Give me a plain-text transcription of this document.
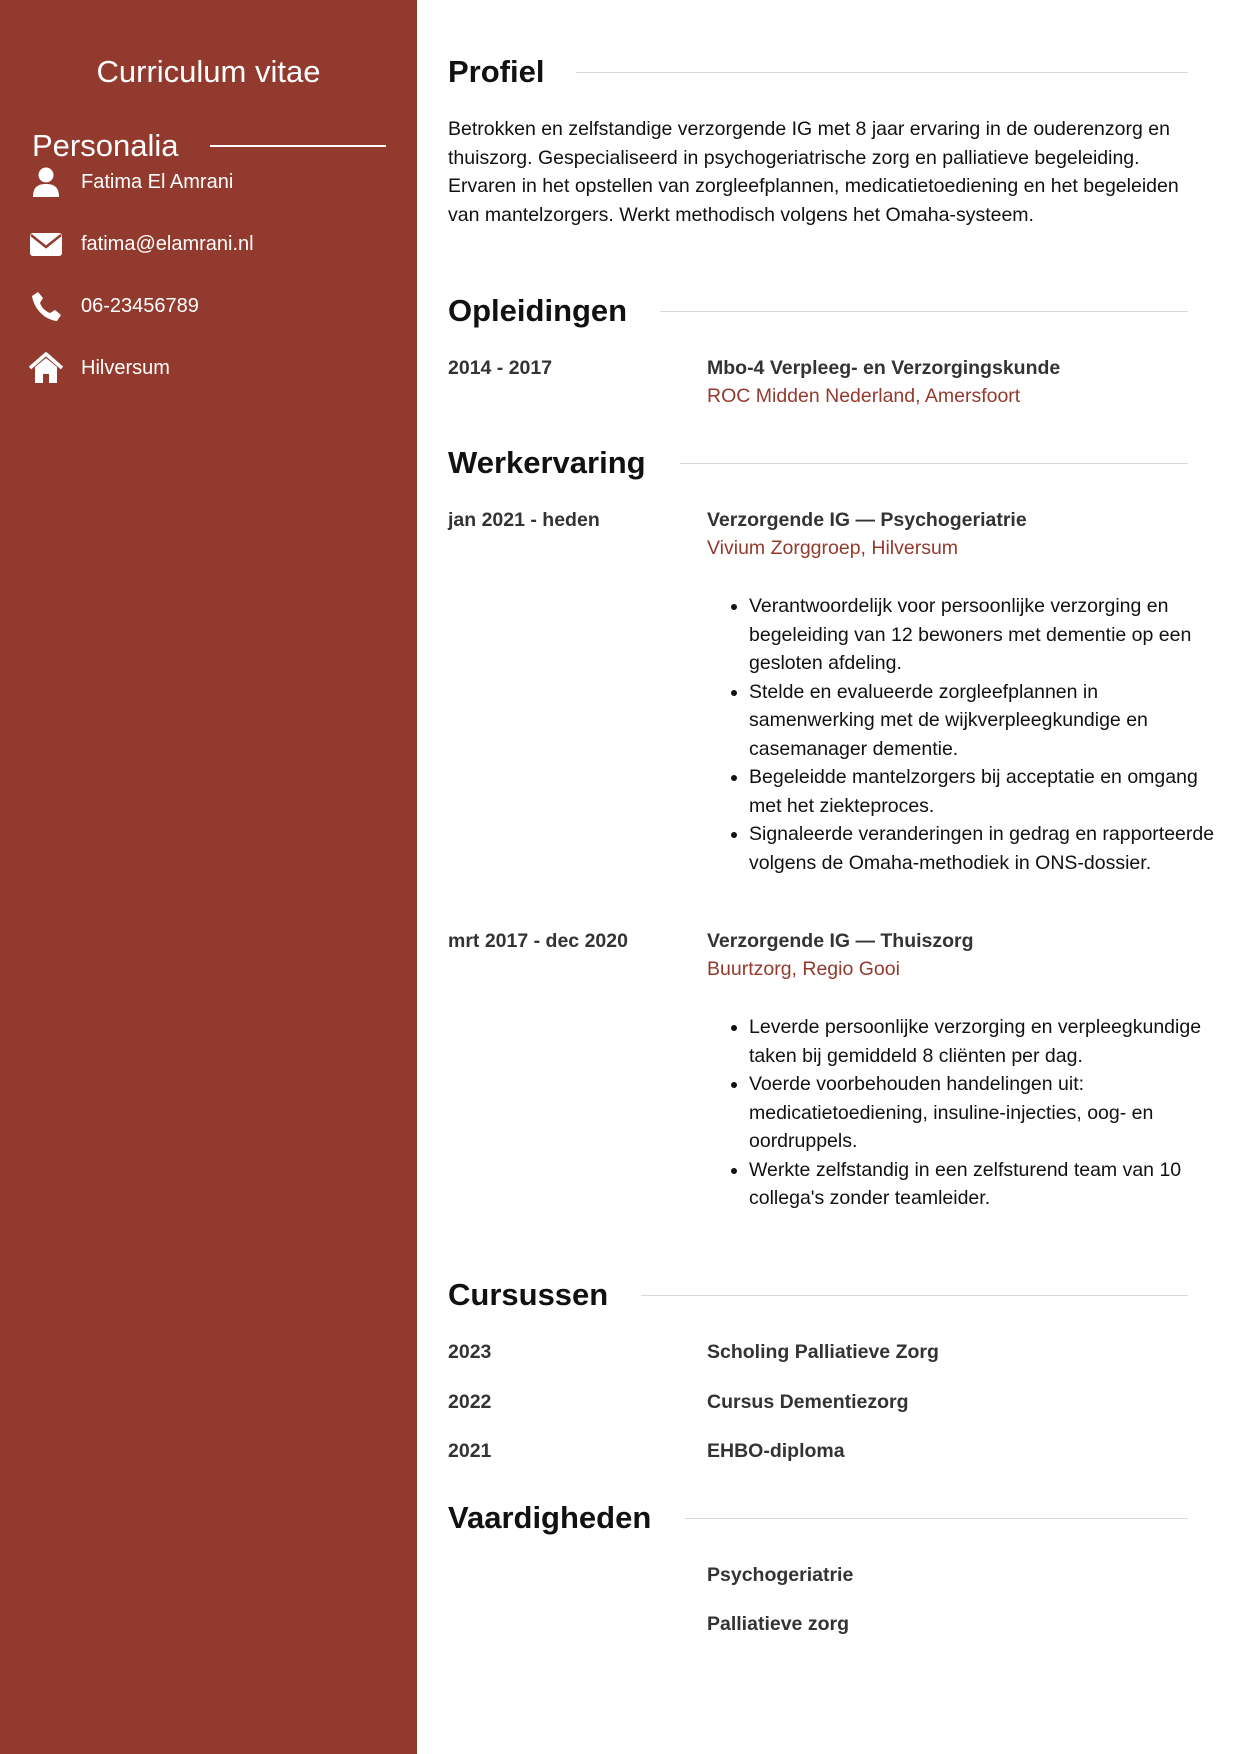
Curriculum vitae
Personalia
Fatima El Amrani
fatima@elamrani.nl
06-23456789
Hilversum
Profiel

Betrokken en zelfstandige verzorgende IG met 8 jaar ervaring in de ouderenzorg en thuiszorg. Gespecialiseerd in psychogeriatrische zorg en palliatieve begeleiding. Ervaren in het opstellen van zorgleefplannen, medicatietoediening en het begeleiden van mantelzorgers. Werkt methodisch volgens het Omaha-systeem.

Opleidingen
2014 - 2017	Mbo-4 Verpleeg- en Verzorgingskunde
ROC Midden Nederland, Amersfoort
Werkervaring
jan 2021 - heden	Verzorgende IG — Psychogeriatrie
Vivium Zorggroep, Hilversum
• Verantwoordelijk voor persoonlijke verzorging en begeleiding van 12 bewoners met dementie op een gesloten afdeling.
• Stelde en evalueerde zorgleefplannen in samenwerking met de wijkverpleegkundige en casemanager dementie.
• Begeleidde mantelzorgers bij acceptatie en omgang met het ziekteproces.
• Signaleerde veranderingen in gedrag en rapporteerde volgens de Omaha-methodiek in ONS-dossier.
mrt 2017 - dec 2020	Verzorgende IG — Thuiszorg
Buurtzorg, Regio Gooi
• Leverde persoonlijke verzorging en verpleegkundige taken bij gemiddeld 8 cliënten per dag.
• Voerde voorbehouden handelingen uit: medicatietoediening, insuline-injecties, oog- en oordruppels.
• Werkte zelfstandig in een zelfsturend team van 10 collega's zonder teamleider.
Cursussen
2023	Scholing Palliatieve Zorg
2022	Cursus Dementiezorg
2021	EHBO-diploma
Vaardigheden
Psychogeriatrie
Palliatieve zorg
